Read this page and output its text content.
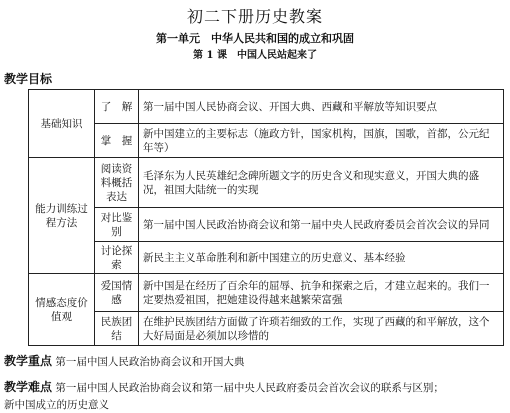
初二下册历史教案
第一单元　中华人民共和国的成立和巩固
第 1 课　中国人民站起来了
教学目标
基础知识	了　解	第一届中国人民协商会议、开国大典、西藏和平解放等知识要点
	掌　握	新中国建立的主要标志（施政方针，国家机构，国旗，国歌，首都，公元纪年等）
能力训练过程方法	阅读资料概括表达	毛泽东为人民英雄纪念碑所题文字的历史含义和现实意义，开国大典的盛况，祖国大陆统一的实现
	对比鉴别	第一届中国人民政治协商会议和第一届中央人民政府委员会首次会议的异同
	讨论探索	新民主主义革命胜利和新中国建立的历史意义、基本经验
情感态度价值观	爱国情感	新中国是在经历了百余年的屈辱、抗争和探索之后，才建立起来的。我们一定要热爱祖国，把她建设得越来越繁荣富强
	民族团结	在维护民族团结方面做了许琐若细致的工作，实现了西藏的和平解放，这个大好局面是必须加以珍惜的
教学重点 第一届中国人民政治协商会议和开国大典
教学难点 第一届中国人民政治协商会议和第一届中央人民政府委员会首次会议的联系与区别；
新中国成立的历史意义
